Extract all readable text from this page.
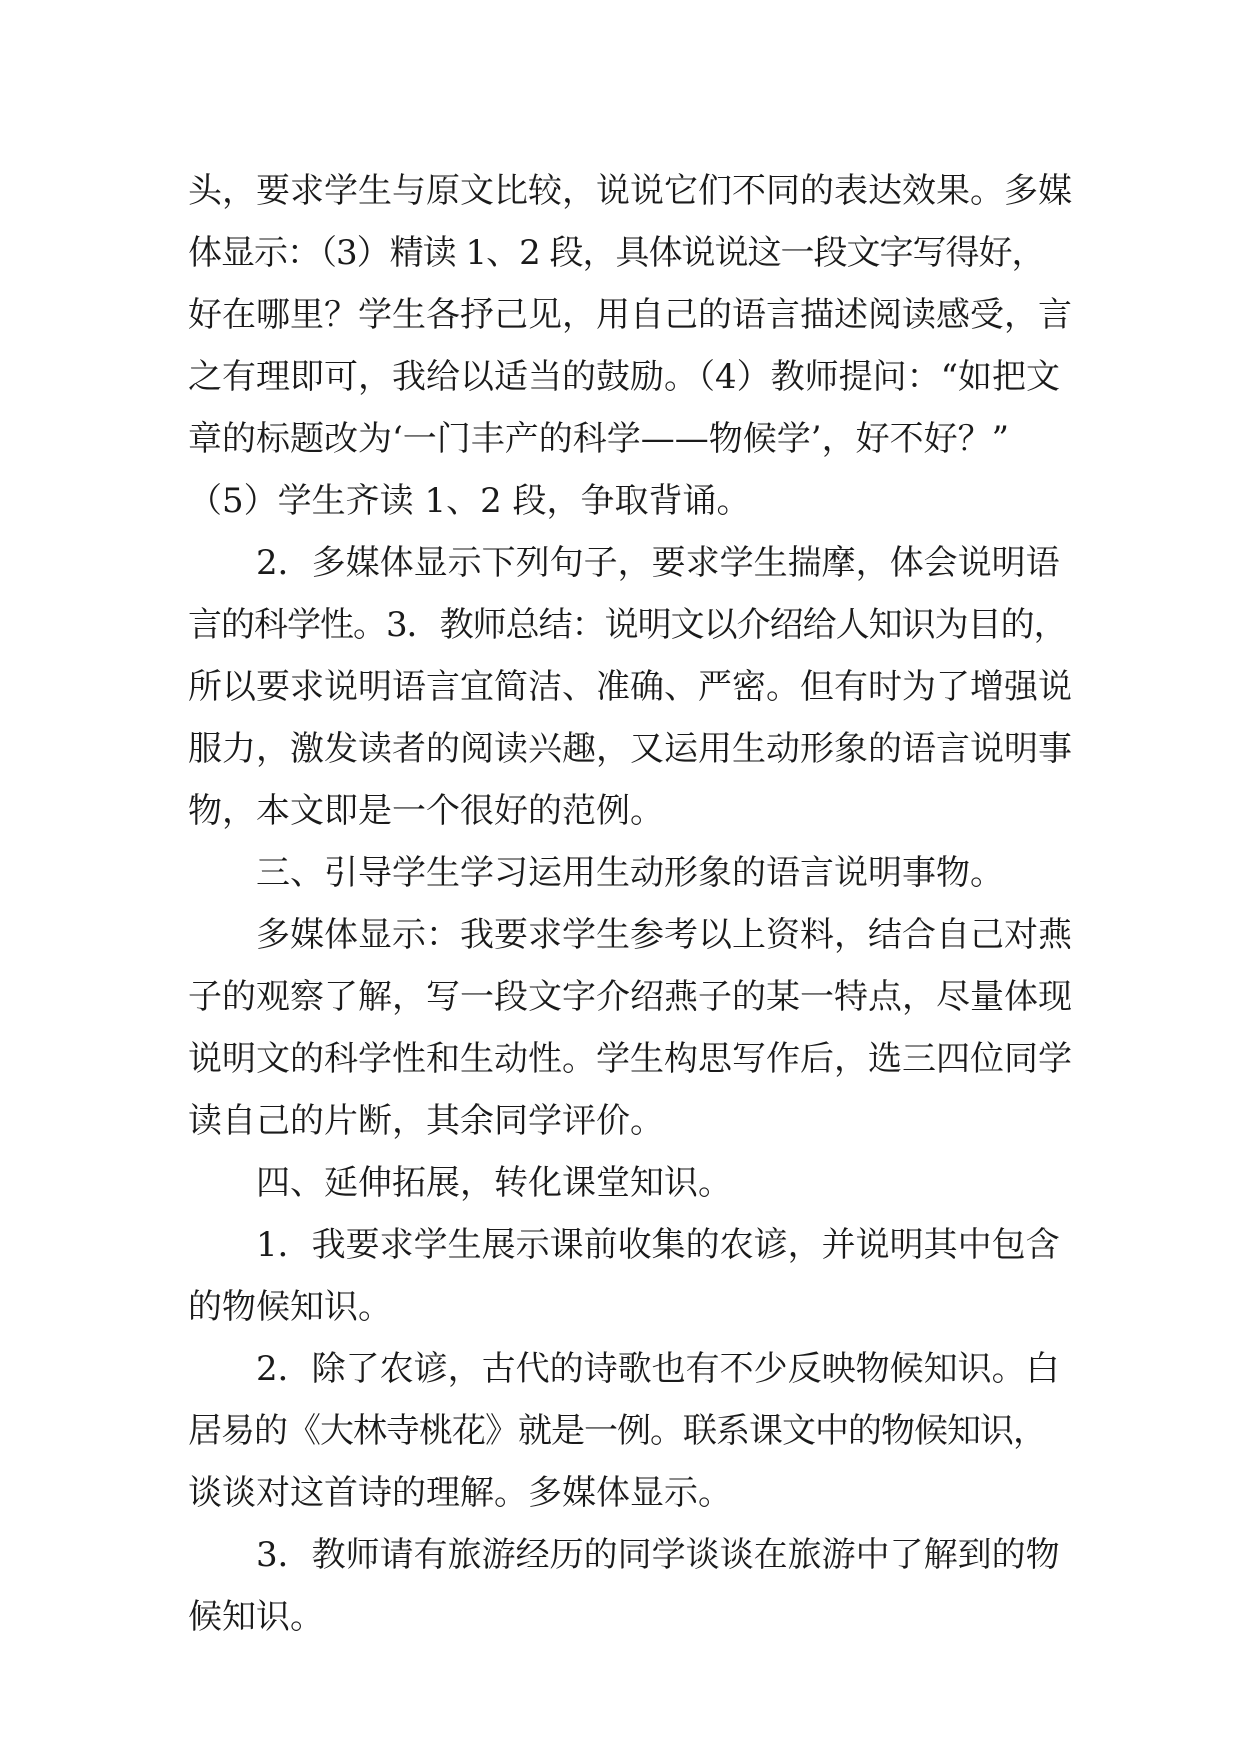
头，要求学生与原文比较，说说它们不同的表达效果。多媒
体显示：（3）精读 1、2 段，具体说说这一段文字写得好，
好在哪里？学生各抒己见，用自己的语言描述阅读感受，言
之有理即可，我给以适当的鼓励。（4）教师提问：“如把文
章的标题改为‘一门丰产的科学——物候学’，好不好？”
（5）学生齐读 1、2 段，争取背诵。
2．多媒体显示下列句子，要求学生揣摩，体会说明语
言的科学性。3．教师总结：说明文以介绍给人知识为目的，
所以要求说明语言宜简洁、准确、严密。但有时为了增强说
服力，激发读者的阅读兴趣，又运用生动形象的语言说明事
物，本文即是一个很好的范例。
三、引导学生学习运用生动形象的语言说明事物。
多媒体显示：我要求学生参考以上资料，结合自己对燕
子的观察了解，写一段文字介绍燕子的某一特点，尽量体现
说明文的科学性和生动性。学生构思写作后，选三四位同学
读自己的片断，其余同学评价。
四、延伸拓展，转化课堂知识。
1．我要求学生展示课前收集的农谚，并说明其中包含
的物候知识。
2．除了农谚，古代的诗歌也有不少反映物候知识。白
居易的《大林寺桃花》就是一例。联系课文中的物候知识，
谈谈对这首诗的理解。多媒体显示。
3．教师请有旅游经历的同学谈谈在旅游中了解到的物
候知识。
